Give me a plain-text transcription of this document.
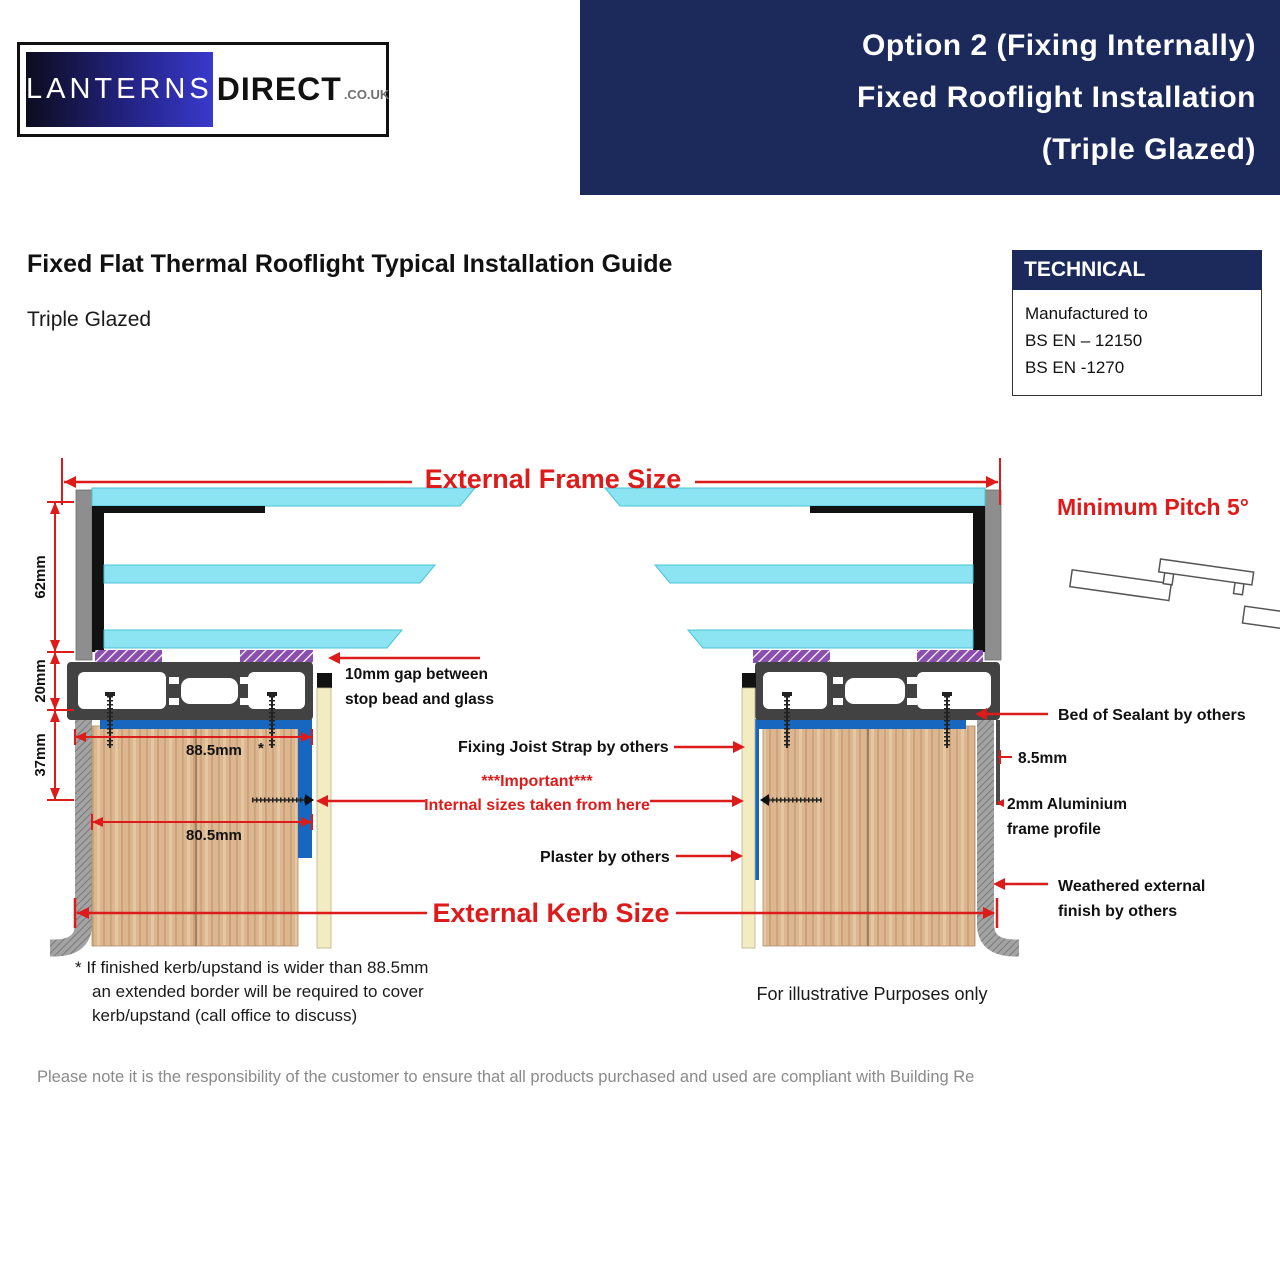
Option 2 (Fixing Internally)
Fixed Rooflight Installation
(Triple Glazed)
LANTERNS DIRECT .CO.UK
Fixed Flat Thermal Rooflight Typical Installation Guide
Triple Glazed
TECHNICAL
Manufactured to
BS EN – 12150
BS EN -1270
88.5mm *
80.5mm
62mm
20mm
37mm
External Frame Size
External Kerb Size
10mm gap between
stop bead and glass
Fixing Joist Strap by others
***Important***
Internal sizes taken from here
Plaster by others
Bed of Sealant by others
8.5mm
2mm Aluminium
frame profile
Weathered external
finish by others
Minimum Pitch 5°
* If finished kerb/upstand is wider than 88.5mm
an extended border will be required to cover
kerb/upstand (call office to discuss)
For illustrative Purposes only
Please note it is the responsibility of the customer to ensure that all products purchased and used are compliant with Building Re
